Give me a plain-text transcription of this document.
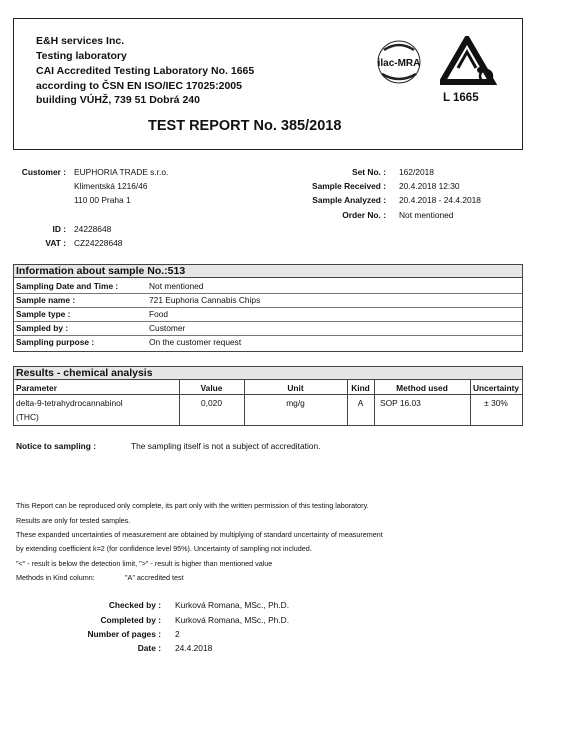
E&H services Inc.
Testing laboratory
CAI Accredited Testing Laboratory No. 1665
according to ČSN EN ISO/IEC 17025:2005
building VÚHŽ, 739 51 Dobrá 240
ilac-MRA
L 1665
TEST REPORT No. 385/2018
Customer : EUPHORIA TRADE s.r.o.
Klimentská 1216/46
110 00 Praha 1
ID : 24228648
VAT : CZ24228648
Set No. : 162/2018
Sample Received : 20.4.2018 12:30
Sample Analyzed : 20.4.2018 - 24.4.2018
Order No. : Not mentioned
Information about sample No.:513
Sampling Date and Time :	Not mentioned
Sample name :	721 Euphoria Cannabis Chips
Sample type :	Food
Sampled by :	Customer
Sampling purpose :	On the customer request
Results - chemical analysis
Parameter	Value	Unit	Kind	Method used	Uncertainty
delta-9-tetrahydrocannabinol
(THC)
0,020	mg/g	A	SOP 16.03	± 30%
Notice to sampling :	The sampling itself is not a subject of accreditation.
This Report can be reproduced only complete, its part only with the written permission of this testing laboratory.
Results are only for tested samples.
These expanded uncertainties of measurement are obtained by multiplying of standard uncertainty of measurement
by extending coefficient k=2 (for confidence level 95%). Uncertainty of sampling not included.
"<" - result is below the detection limit, ">" - result is higher than mentioned value
Methods in Kind column:	"A" accredited test
Checked by : Kurková Romana, MSc., Ph.D.
Completed by : Kurková Romana, MSc., Ph.D.
Number of pages : 2
Date : 24.4.2018
